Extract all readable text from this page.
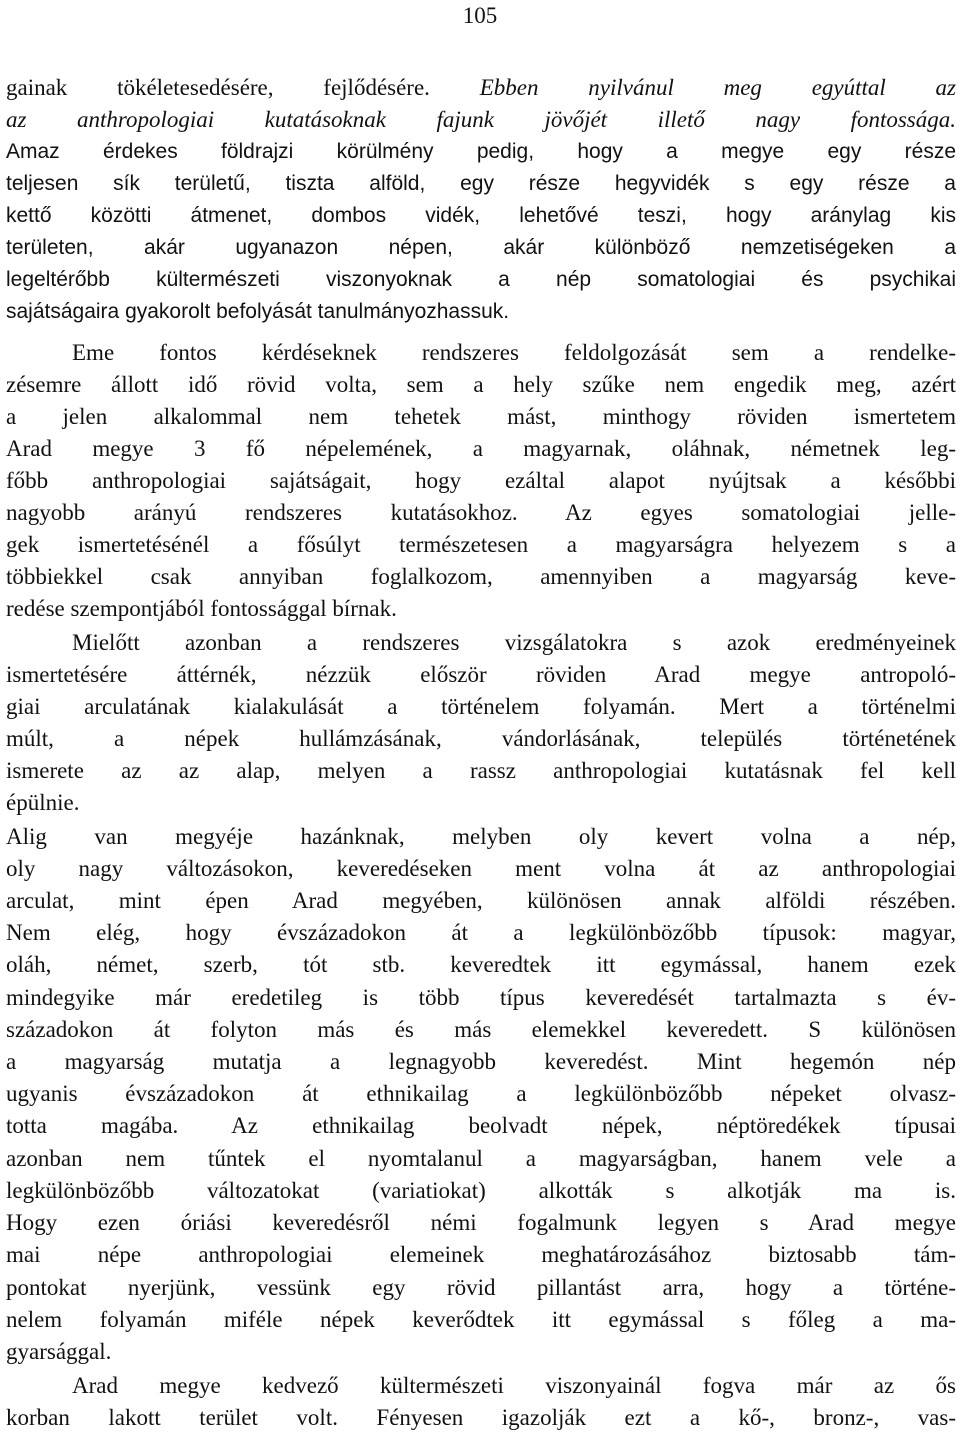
105
gainak tökéletesedésére, fejlődésére. Ebben nyilvánul meg egyúttal az
az anthropologiai kutatásoknak fajunk jövőjét illető nagy fontossága.
Amaz érdekes földrajzi körülmény pedig, hogy a megye egy része
teljesen sík területű, tiszta alföld, egy része hegyvidék s egy része a
kettő közötti átmenet, dombos vidék, lehetővé teszi, hogy aránylag kis
területen, akár ugyanazon népen, akár különböző nemzetiségeken a
legeltérőbb kültermészeti viszonyoknak a nép somatologiai és psychikai
sajátságaira gyakorolt befolyását tanulmányozhassuk.
Eme fontos kérdéseknek rendszeres feldolgozását sem a rendelke-
zésemre állott idő rövid volta, sem a hely szűke nem engedik meg, azért
a jelen alkalommal nem tehetek mást, minthogy röviden ismertetem
Arad megye 3 fő népelemének, a magyarnak, oláhnak, németnek leg-
főbb anthropologiai sajátságait, hogy ezáltal alapot nyújtsak a későbbi
nagyobb arányú rendszeres kutatásokhoz. Az egyes somatologiai jelle-
gek ismertetésénél a fősúlyt természetesen a magyarságra helyezem s a
többiekkel csak annyiban foglalkozom, amennyiben a magyarság keve-
redése szempontjából fontossággal bírnak.
Mielőtt azonban a rendszeres vizsgálatokra s azok eredményeinek
ismertetésére áttérnék, nézzük először röviden Arad megye antropoló-
giai arculatának kialakulását a történelem folyamán. Mert a történelmi
múlt, a népek hullámzásának, vándorlásának, település történetének
ismerete az az alap, melyen a rassz anthropologiai kutatásnak fel kell
épülnie.
Alig van megyéje hazánknak, melyben oly kevert volna a nép,
oly nagy változásokon, keveredéseken ment volna át az anthropologiai
arculat, mint épen Arad megyében, különösen annak alföldi részében.
Nem elég, hogy évszázadokon át a legkülönbözőbb típusok: magyar,
oláh, német, szerb, tót stb. keveredtek itt egymással, hanem ezek
mindegyike már eredetileg is több típus keveredését tartalmazta s év-
századokon át folyton más és más elemekkel keveredett. S különösen
a magyarság mutatja a legnagyobb keveredést. Mint hegemón nép
ugyanis évszázadokon át ethnikailag a legkülönbözőbb népeket olvasz-
totta magába. Az ethnikailag beolvadt népek, néptöredékek típusai
azonban nem tűntek el nyomtalanul a magyarságban, hanem vele a
legkülönbözőbb változatokat (variatiokat) alkották s alkotják ma is.
Hogy ezen óriási keveredésről némi fogalmunk legyen s Arad megye
mai népe anthropologiai elemeinek meghatározásához biztosabb tám-
pontokat nyerjünk, vessünk egy rövid pillantást arra, hogy a történe-
nelem folyamán miféle népek keverődtek itt egymással s főleg a ma-
gyarsággal.
Arad megye kedvező kültermészeti viszonyainál fogva már az ős
korban lakott terület volt. Fényesen igazolják ezt a kő-, bronz-, vas-
